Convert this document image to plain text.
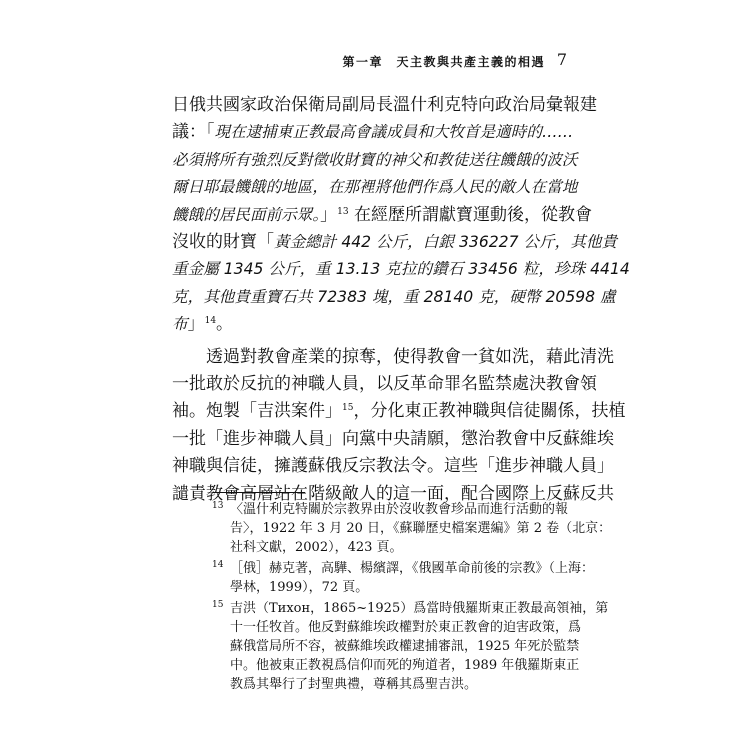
第一章　天主教與共產主義的相遇 7

日俄共國家政治保衛局副局長溫什利克特向政治局彙報建
議：「現在逮捕東正教最高會議成員和大牧首是適時的……
必須將所有強烈反對徵收財寶的神父和教徒送往饑餓的波沃
爾日耶最饑餓的地區，在那裡將他們作爲人民的敵人在當地
饑餓的居民面前示眾。」$^{13}$ 在經歷所謂獻寶運動後，從教會
沒收的財寶「黃金總計 442 公斤，白銀 336227 公斤，其他貴
重金屬 1345 公斤，重 13.13 克拉的鑽石 33456 粒，珍珠 4414
克，其他貴重寶石共 72383 塊，重 28140 克，硬幣 20598 盧
布」$^{14}$。

透過對教會產業的掠奪，使得教會一貧如洗，藉此清洗
一批敢於反抗的神職人員，以反革命罪名監禁處決教會領
袖。炮製「吉洪案件」$^{15}$，分化東正教神職與信徒關係，扶植
一批「進步神職人員」向黨中央請願，懲治教會中反蘇維埃
神職與信徒，擁護蘇俄反宗教法令。這些「進步神職人員」
譴責教會高層站在階級敵人的這一面，配合國際上反蘇反共

13 〈溫什利克特關於宗教界由於沒收教會珍品而進行活動的報
告〉，1922 年 3 月 20 日，《蘇聯歷史檔案選編》第 2 卷（北京：
社科文獻，2002），423 頁。
14 ［俄］赫克著，高驊、楊繽譯，《俄國革命前後的宗教》（上海：
學林，1999），72 頁。
15 吉洪（Тихон，1865~1925）爲當時俄羅斯東正教最高領袖，第
十一任牧首。他反對蘇維埃政權對於東正教會的迫害政策，爲
蘇俄當局所不容，被蘇維埃政權逮捕審訊，1925 年死於監禁
中。他被東正教視爲信仰而死的殉道者，1989 年俄羅斯東正
教爲其舉行了封聖典禮，尊稱其爲聖吉洪。
